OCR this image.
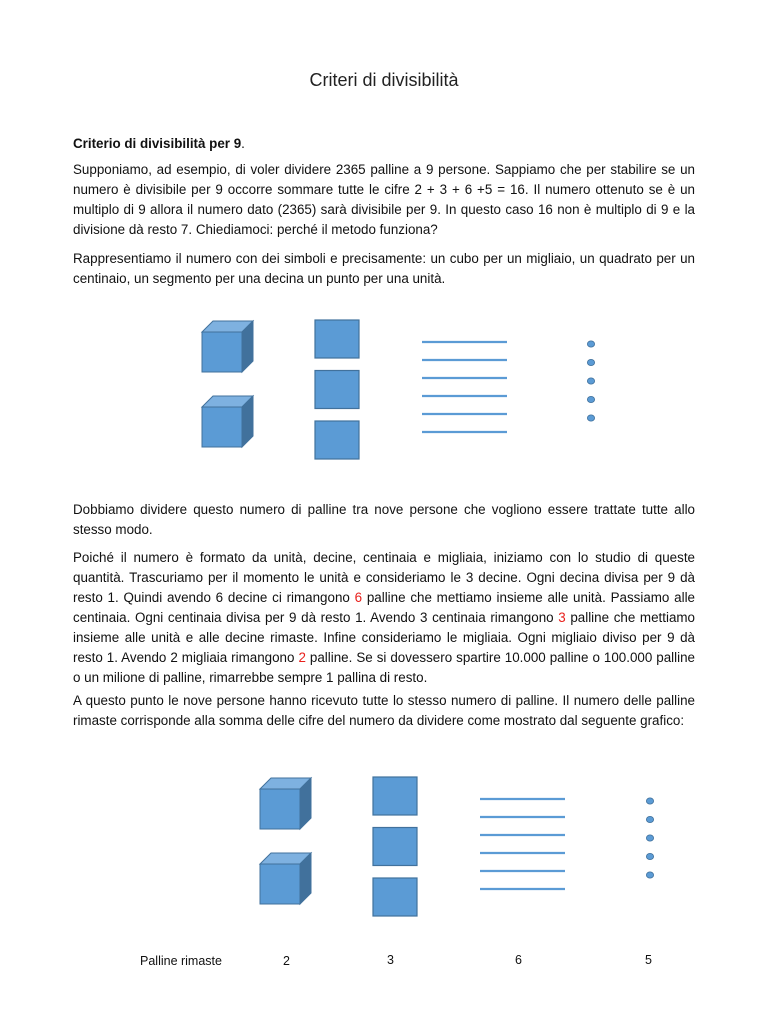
Criteri di divisibilità
Criterio di divisibilità per 9.
Supponiamo, ad esempio, di voler dividere 2365 palline a 9 persone. Sappiamo che per stabilire se un numero è divisibile per 9 occorre sommare tutte le cifre 2 + 3 + 6 +5 = 16. Il numero ottenuto se è un multiplo di 9 allora il numero dato (2365) sarà divisibile per 9. In questo caso 16 non è multiplo di 9 e la divisione dà resto 7. Chiediamoci: perché il metodo funziona?
Rappresentiamo il numero con dei simboli e precisamente: un cubo per un migliaio, un quadrato per un centinaio, un segmento per una decina un punto per una unità.
Dobbiamo dividere questo numero di palline tra nove persone che vogliono essere trattate tutte allo stesso modo.
Poiché il numero è formato da unità, decine, centinaia e migliaia, iniziamo con lo studio di queste quantità. Trascuriamo per il momento le unità e consideriamo le 3 decine. Ogni decina divisa per 9 dà resto 1. Quindi avendo 6 decine ci rimangono 6 palline che mettiamo insieme alle unità. Passiamo alle centinaia. Ogni centinaia divisa per 9 dà resto 1. Avendo 3 centinaia rimangono 3 palline che mettiamo insieme alle unità e alle decine rimaste. Infine consideriamo le migliaia. Ogni migliaio diviso per 9 dà resto 1. Avendo 2 migliaia rimangono 2 palline. Se si dovessero spartire 10.000 palline o 100.000 palline o un milione di palline, rimarrebbe sempre 1 pallina di resto.
A questo punto le nove persone hanno ricevuto tutte lo stesso numero di palline. Il numero delle palline rimaste corrisponde alla somma delle cifre del numero da dividere come mostrato dal seguente grafico:
Palline rimaste	2	3	6	5
